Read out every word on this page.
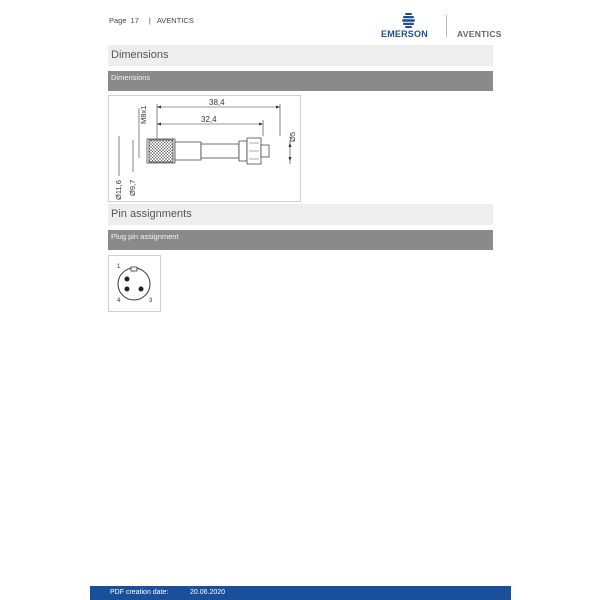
Page 17 | AVENTICS
EMERSON	AVENTICS
Dimensions
Dimensions
38,4
32,4
M8x1
Ø11,6 Ø9,7
Ø5
Pin assignments
Plug pin assignment
1
4	3
PDF creation date:	20.06.2020
